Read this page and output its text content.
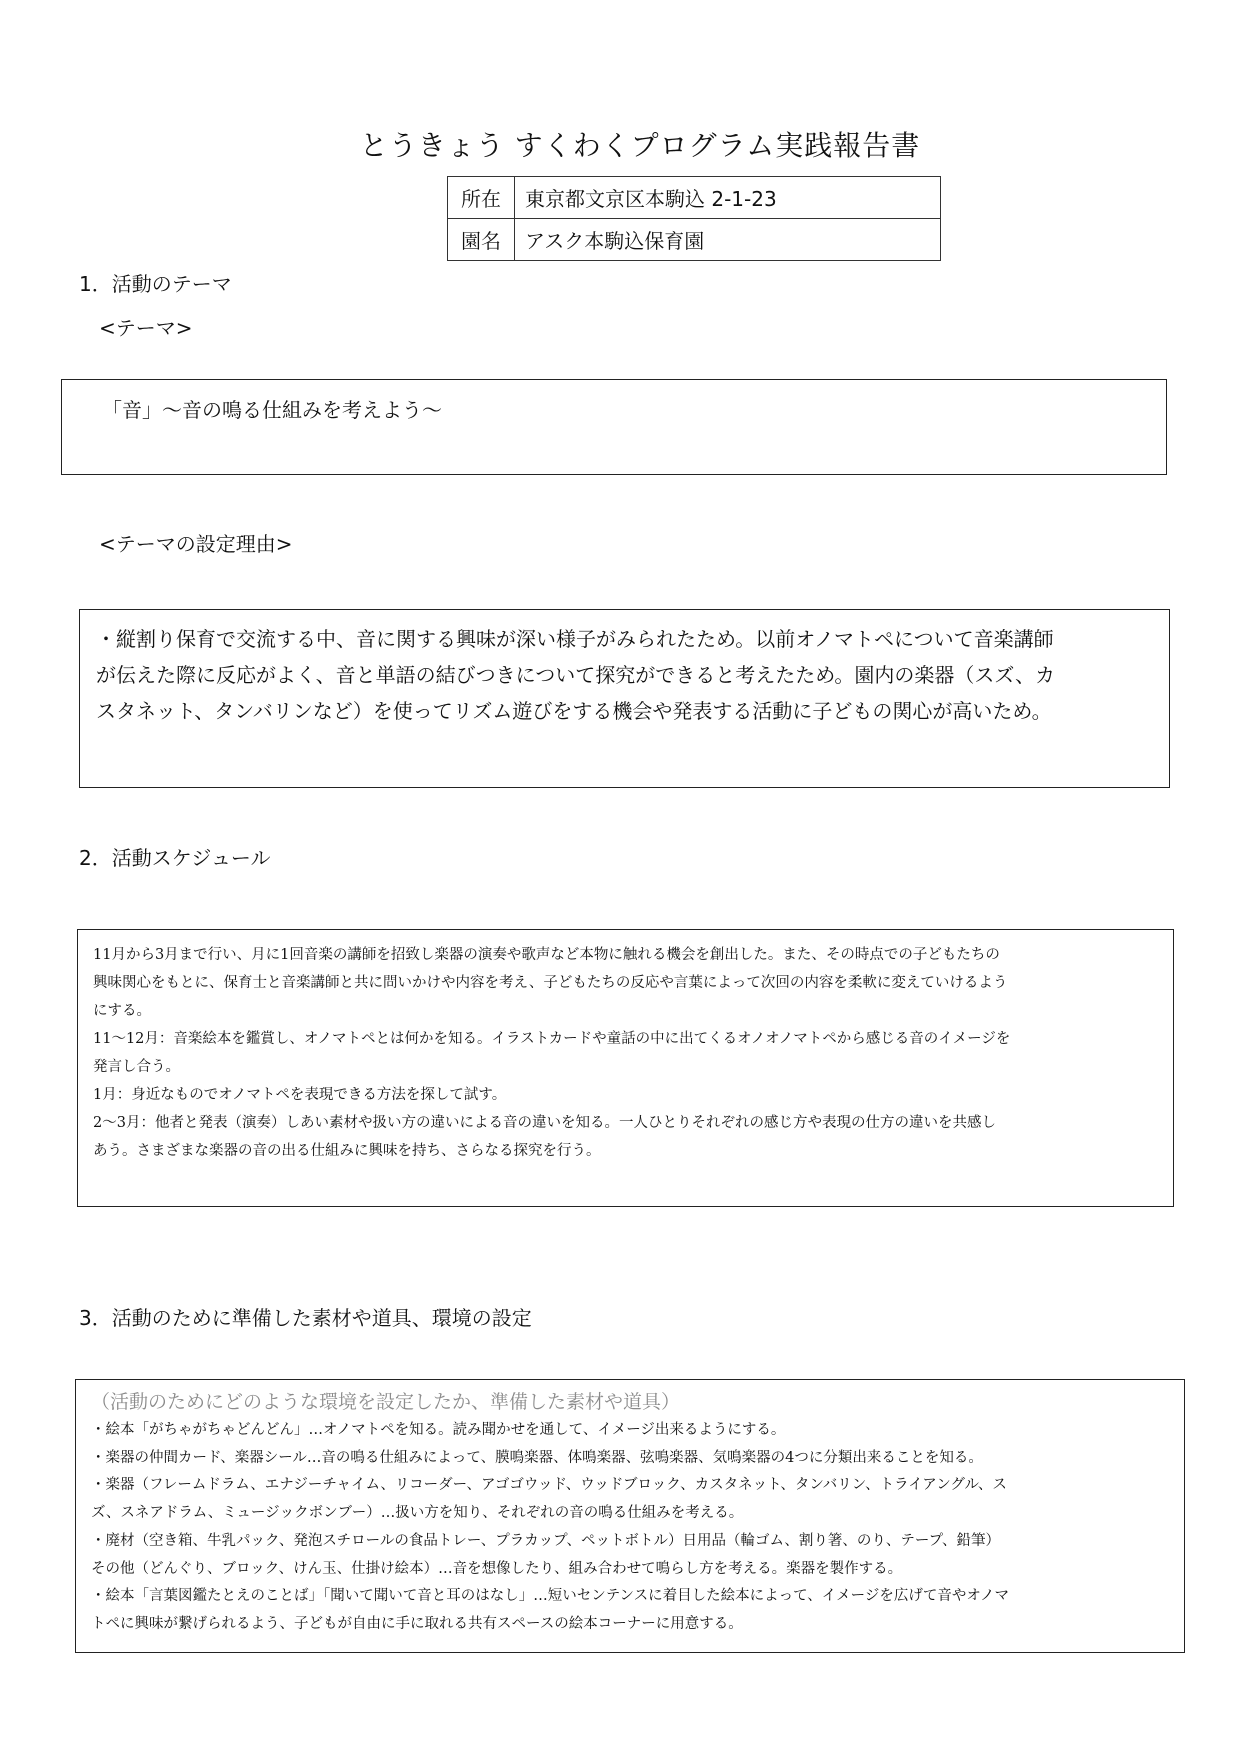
とうきょう すくわくプログラム実践報告書
所在	東京都文京区本駒込 2-1-23
園名	アスク本駒込保育園
1．活動のテーマ
<テーマ>

「音」～音の鳴る仕組みを考えよう～

<テーマの設定理由>

・縦割り保育で交流する中、音に関する興味が深い様子がみられたため。以前オノマトペについて音楽講師

が伝えた際に反応がよく、音と単語の結びつきについて探究ができると考えたため。園内の楽器（スズ、カ

スタネット、タンバリンなど）を使ってリズム遊びをする機会や発表する活動に子どもの関心が高いため。

2．活動スケジュール

11月から3月まで行い、月に1回音楽の講師を招致し楽器の演奏や歌声など本物に触れる機会を創出した。また、その時点での子どもたちの

興味関心をもとに、保育士と音楽講師と共に問いかけや内容を考え、子どもたちの反応や言葉によって次回の内容を柔軟に変えていけるよう

にする。

11～12月：音楽絵本を鑑賞し、オノマトペとは何かを知る。イラストカードや童話の中に出てくるオノオノマトペから感じる音のイメージを

発言し合う。

1月：身近なものでオノマトペを表現できる方法を探して試す。

2～3月：他者と発表（演奏）しあい素材や扱い方の違いによる音の違いを知る。一人ひとりそれぞれの感じ方や表現の仕方の違いを共感し

あう。さまざまな楽器の音の出る仕組みに興味を持ち、さらなる探究を行う。

3．活動のために準備した素材や道具、環境の設定

（活動のためにどのような環境を設定したか、準備した素材や道具）

・絵本「がちゃがちゃどんどん」…オノマトペを知る。読み聞かせを通して、イメージ出来るようにする。

・楽器の仲間カード、楽器シール…音の鳴る仕組みによって、膜鳴楽器、体鳴楽器、弦鳴楽器、気鳴楽器の4つに分類出来ることを知る。

・楽器（フレームドラム、エナジーチャイム、リコーダー、アゴゴウッド、ウッドブロック、カスタネット、タンバリン、トライアングル、ス

ズ、スネアドラム、ミュージックボンブー）…扱い方を知り、それぞれの音の鳴る仕組みを考える。

・廃材（空き箱、牛乳パック、発泡スチロールの食品トレー、プラカップ、ペットボトル）日用品（輪ゴム、割り箸、のり、テープ、鉛筆）

その他（どんぐり、ブロック、けん玉、仕掛け絵本）…音を想像したり、組み合わせて鳴らし方を考える。楽器を製作する。

・絵本「言葉図鑑たとえのことば」「聞いて聞いて音と耳のはなし」…短いセンテンスに着目した絵本によって、イメージを広げて音やオノマ

トペに興味が繋げられるよう、子どもが自由に手に取れる共有スペースの絵本コーナーに用意する。
